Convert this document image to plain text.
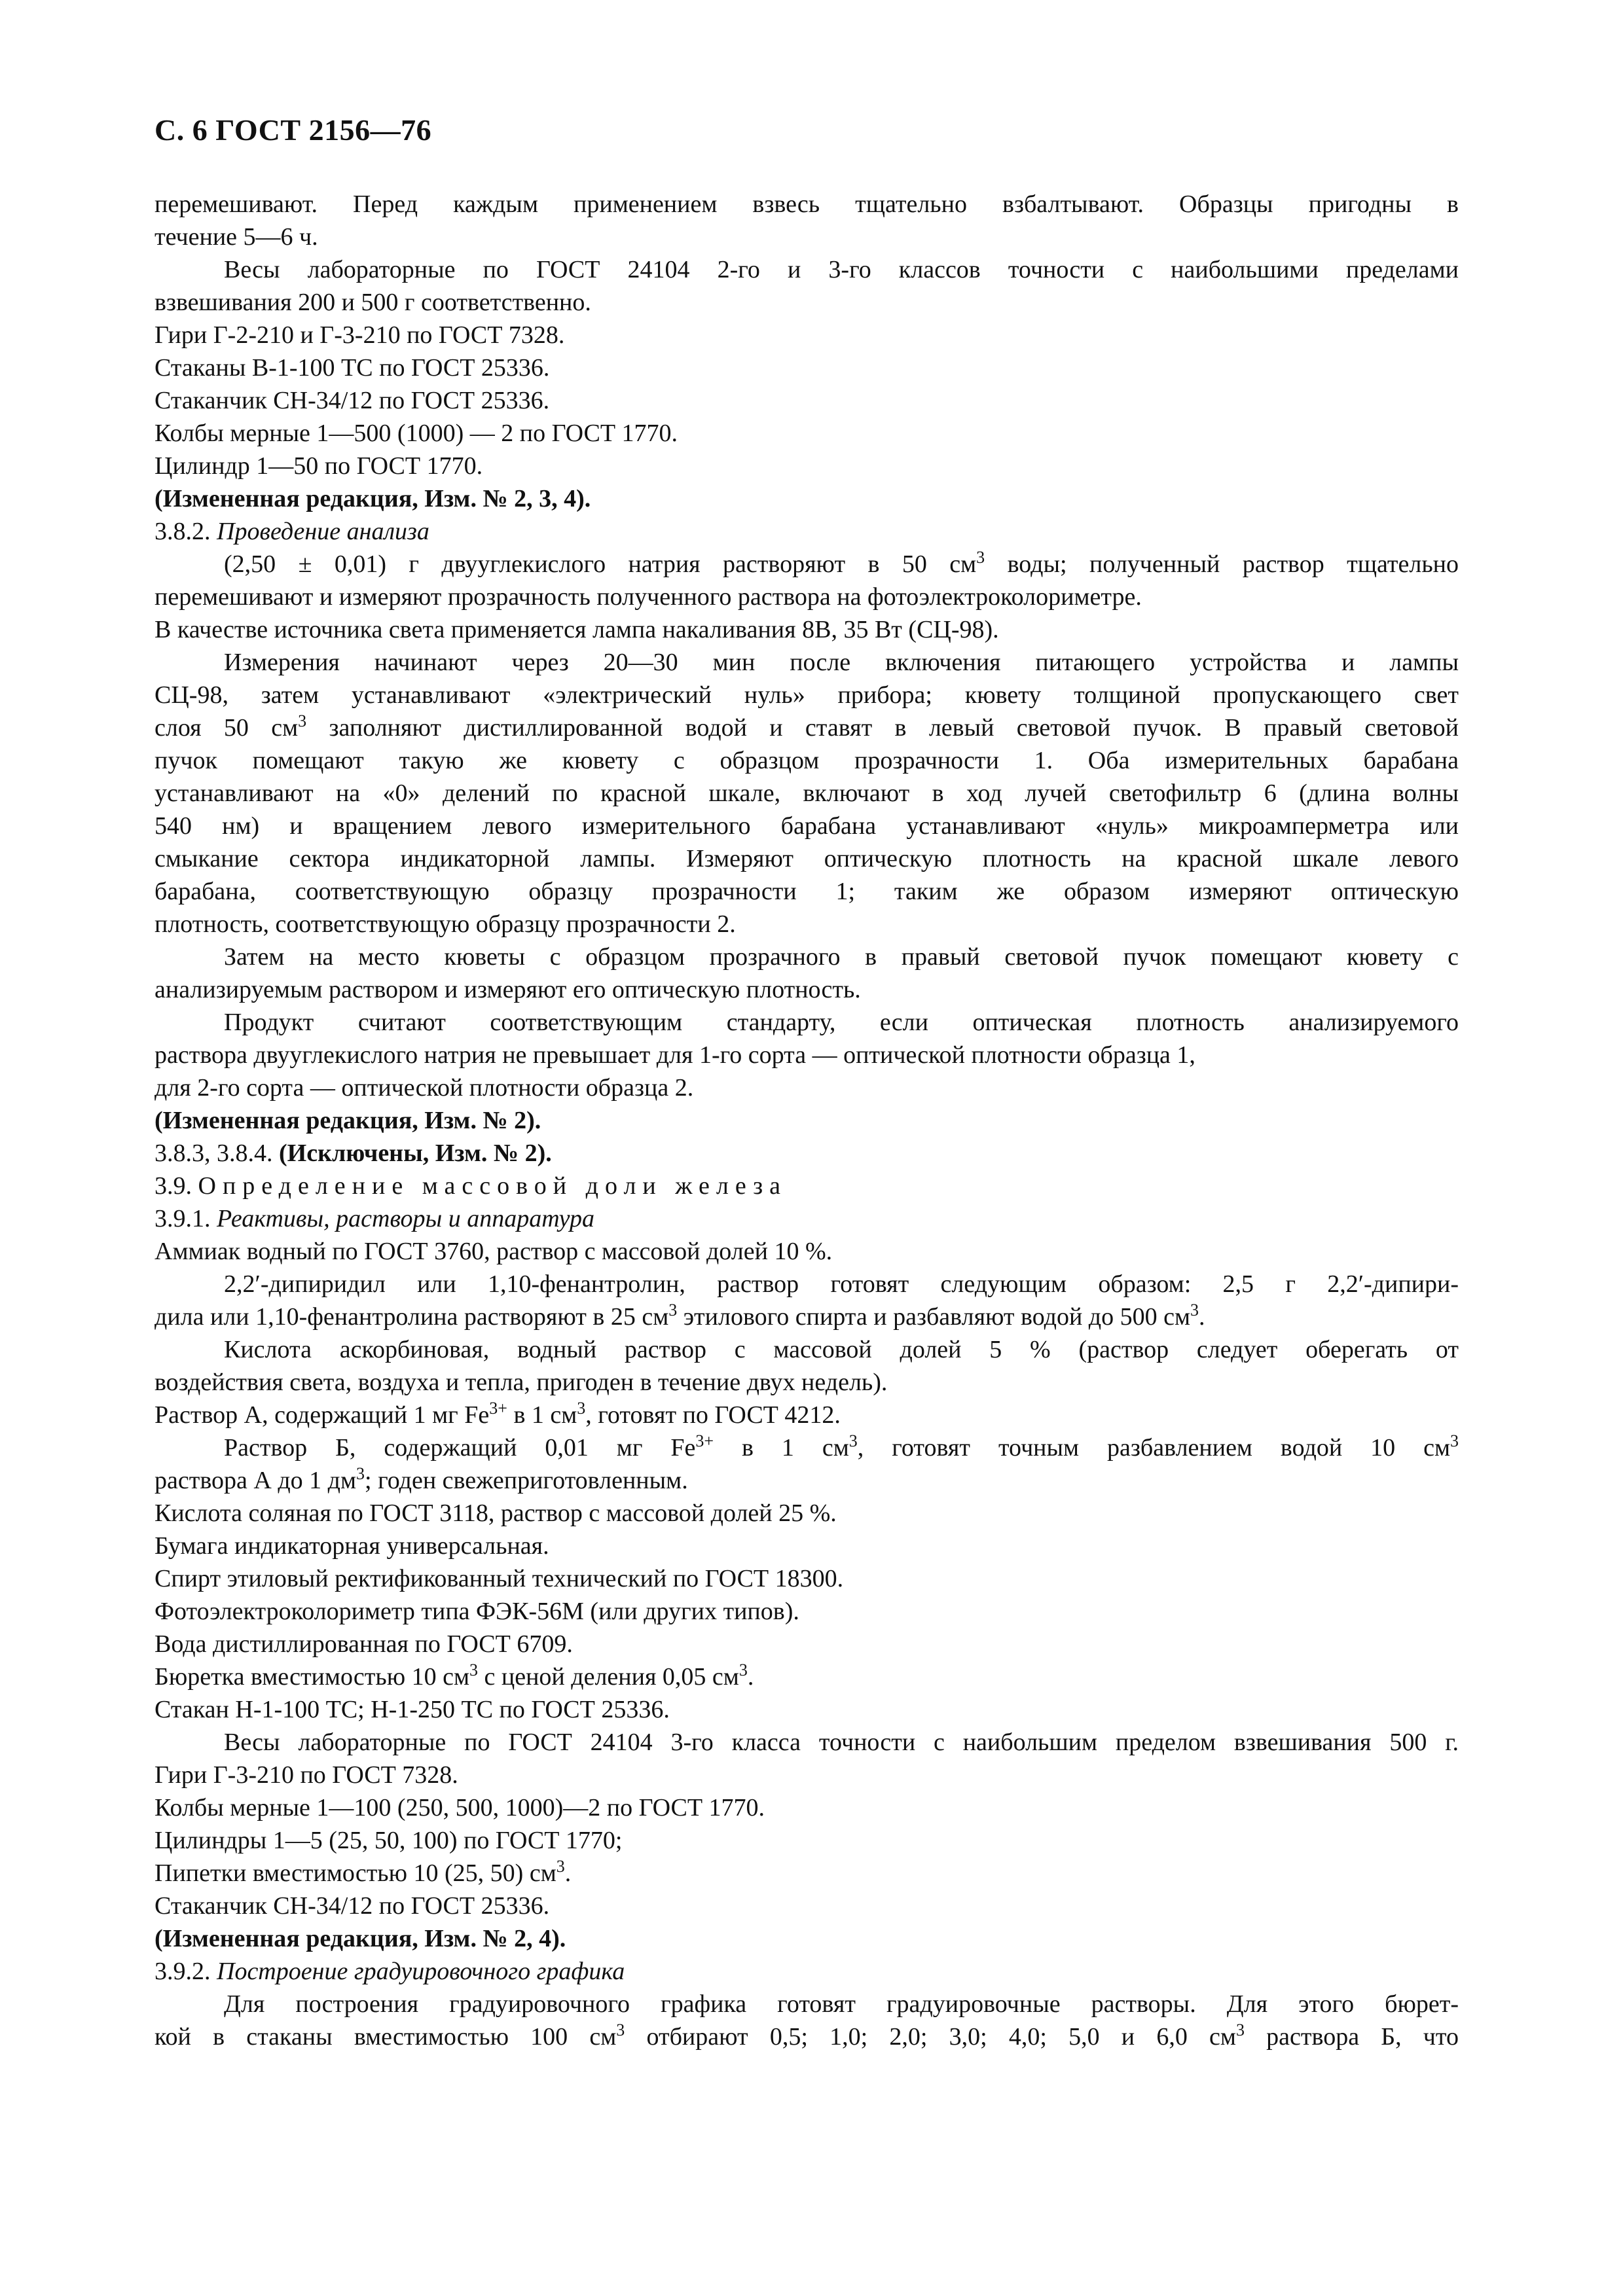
С. 6 ГОСТ 2156—76

перемешивают. Перед каждым применением взвесь тщательно взбалтывают. Образцы пригодны в

течение 5—6 ч.

Весы лабораторные по ГОСТ 24104 2-го и 3-го классов точности с наибольшими пределами

взвешивания 200 и 500 г соответственно.

Гири Г-2-210 и Г-3-210 по ГОСТ 7328.

Стаканы В-1-100 ТС по ГОСТ 25336.

Стаканчик СН-34/12 по ГОСТ 25336.

Колбы мерные 1—500 (1000) — 2 по ГОСТ 1770.

Цилиндр 1—50 по ГОСТ 1770.

(Измененная редакция, Изм. № 2, 3, 4).

3.8.2. Проведение анализа

(2,50 ± 0,01) г двууглекислого натрия растворяют в 50 $см^3$ воды; полученный раствор тщательно

перемешивают и измеряют прозрачность полученного раствора на фотоэлектроколориметре.

В качестве источника света применяется лампа накаливания 8В, 35 Вт (СЦ-98).

Измерения начинают через 20—30 мин после включения питающего устройства и лампы

СЦ-98, затем устанавливают «электрический нуль» прибора; кювету толщиной пропускающего свет

слоя 50 $см^3$ заполняют дистиллированной водой и ставят в левый световой пучок. В правый световой

пучок помещают такую же кювету с образцом прозрачности 1. Оба измерительных барабана

устанавливают на «0» делений по красной шкале, включают в ход лучей светофильтр 6 (длина волны

540 нм) и вращением левого измерительного барабана устанавливают «нуль» микроамперметра или

смыкание сектора индикаторной лампы. Измеряют оптическую плотность на красной шкале левого

барабана, соответствующую образцу прозрачности 1; таким же образом измеряют оптическую

плотность, соответствующую образцу прозрачности 2.

Затем на место кюветы с образцом прозрачного в правый световой пучок помещают кювету с

анализируемым раствором и измеряют его оптическую плотность.

Продукт считают соответствующим стандарту, если оптическая плотность анализируемого

раствора двууглекислого натрия не превышает для 1-го сорта — оптической плотности образца 1,

для 2-го сорта — оптической плотности образца 2.

(Измененная редакция, Изм. № 2).

3.8.3, 3.8.4. (Исключены, Изм. № 2).

3.9. Определение массовой доли железа

3.9.1. Реактивы, растворы и аппаратура

Аммиак водный по ГОСТ 3760, раствор с массовой долей 10 %.

2,2′-дипиридил или 1,10-фенантролин, раствор готовят следующим образом: 2,5 г 2,2′-дипири-

дила или 1,10-фенантролина растворяют в 25 $см^3$ этилового спирта и разбавляют водой до 500 $см^3$.

Кислота аскорбиновая, водный раствор с массовой долей 5 % (раствор следует оберегать от

воздействия света, воздуха и тепла, пригоден в течение двух недель).

Раствор А, содержащий 1 мг $Fe^{3+}$ в 1 $см^3$, готовят по ГОСТ 4212.

Раствор Б, содержащий 0,01 мг $Fe^{3+}$ в 1 $см^3$, готовят точным разбавлением водой 10 $см^3$

раствора А до 1 $дм^3$; годен свежеприготовленным.

Кислота соляная по ГОСТ 3118, раствор с массовой долей 25 %.

Бумага индикаторная универсальная.

Спирт этиловый ректификованный технический по ГОСТ 18300.

Фотоэлектроколориметр типа ФЭК-56М (или других типов).

Вода дистиллированная по ГОСТ 6709.

Бюретка вместимостью 10 $см^3$ с ценой деления 0,05 $см^3$.

Стакан Н-1-100 ТС; Н-1-250 ТС по ГОСТ 25336.

Весы лабораторные по ГОСТ 24104 3-го класса точности с наибольшим пределом взвешивания 500 г.

Гири Г-3-210 по ГОСТ 7328.

Колбы мерные 1—100 (250, 500, 1000)—2 по ГОСТ 1770.

Цилиндры 1—5 (25, 50, 100) по ГОСТ 1770;

Пипетки вместимостью 10 (25, 50) $см^3$.

Стаканчик СН-34/12 по ГОСТ 25336.

(Измененная редакция, Изм. № 2, 4).

3.9.2. Построение градуировочного графика

Для построения градуировочного графика готовят градуировочные растворы. Для этого бюрет-

кой в стаканы вместимостью 100 $см^3$ отбирают 0,5; 1,0; 2,0; 3,0; 4,0; 5,0 и 6,0 $см^3$ раствора Б, что
